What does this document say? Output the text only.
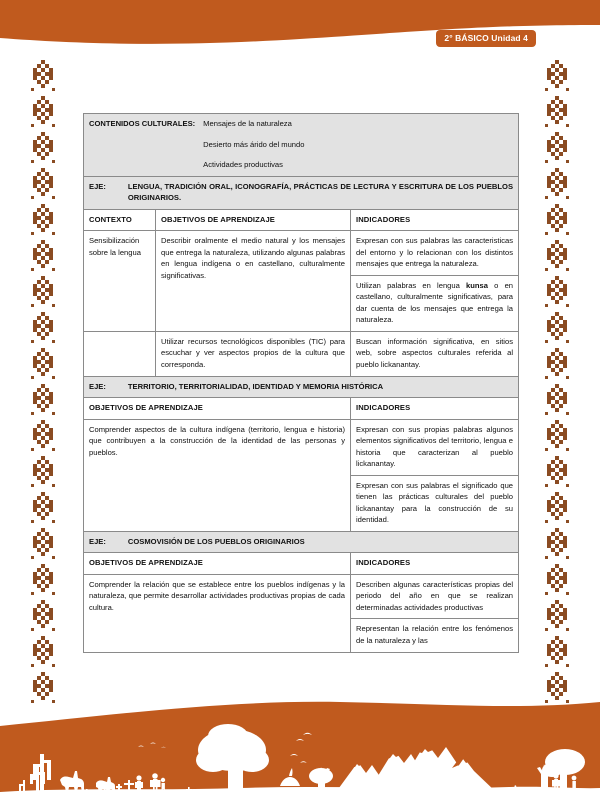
2° BÁSICO Unidad 4
CONTENIDOS CULTURALES: Mensajes de la naturaleza
Desierto más árido del mundo
Actividades productivas		

EJE: LENGUA, TRADICIÓN ORAL, ICONOGRAFÍA, PRÁCTICAS DE LECTURA Y ESCRITURA DE LOS PUEBLOS ORIGINARIOS.		

CONTEXTO	OBJETIVOS DE APRENDIZAJE	INDICADORES
Sensibilización sobre la lengua	Describir oralmente el medio natural y los mensajes que entrega la naturaleza, utilizando algunas palabras en lengua indígena o en castellano, culturalmente significativas.	Expresan con sus palabras las caracteristicas del entorno y lo relacionan con los distintos mensajes que entrega la naturaleza.
		Utilizan palabras en lengua kunsa o en castellano, culturalmente significativas, para dar cuenta de los mensajes que entrega la naturaleza.
	Utilizar recursos tecnológicos disponibles (TIC) para escuchar y ver aspectos propios de la cultura que corresponda.	Buscan información significativa, en sitios web, sobre aspectos culturales referida al pueblo lickanantay.

EJE: TERRITORIO, TERRITORIALIDAD, IDENTIDAD Y MEMORIA HISTÓRICA		

OBJETIVOS DE APRENDIZAJE		INDICADORES
Comprender aspectos de la cultura indígena (territorio, lengua e historia) que contribuyen a la construcción de la identidad de las personas y pueblos.		Expresan con sus propias palabras algunos elementos significativos del territorio, lengua e historia que caracterizan al pueblo lickanantay.
		Expresan con sus palabras el significado que tienen las prácticas culturales del pueblo lickanantay para la construcción de su identidad.

EJE: COSMOVISIÓN DE LOS PUEBLOS ORIGINARIOS		

OBJETIVOS DE APRENDIZAJE		INDICADORES
Comprender la relación que se establece entre los pueblos indígenas y la naturaleza, que permite desarrollar actividades productivas propias de cada cultura.		Describen algunas características propias del periodo del año en que se realizan determinadas actividades productivas
		Representan la relación entre los fenómenos de la naturaleza y las
